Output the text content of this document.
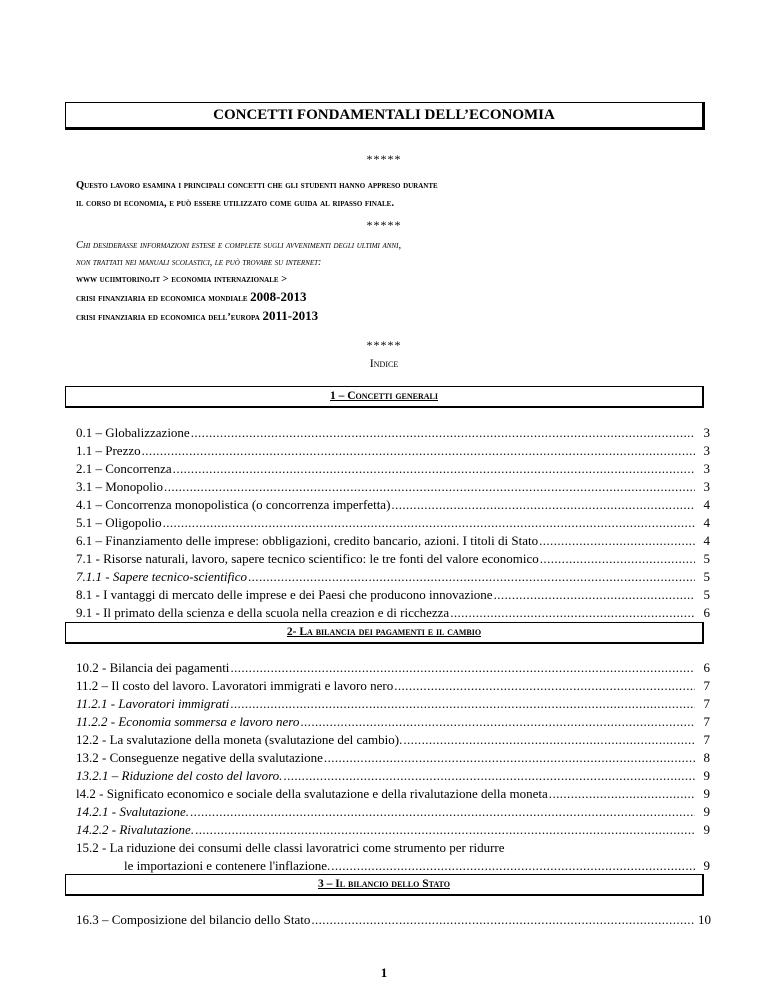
CONCETTI FONDAMENTALI DELL’ECONOMIA
*****
Questo lavoro esamina i principali concetti che gli studenti hanno appreso durante
il corso di economia, e può essere utilizzato come guida al ripasso finale.
*****
Chi desiderasse informazioni estese e complete sugli avvenimenti degli ultimi anni,
non trattati nei manuali scolastici, le può trovare su internet:
www uciimtorino.it > economia internazionale >
crisi finanziaria ed economica mondiale 2008-2013
crisi finanziaria ed economica dell’europa 2011-2013
*****
Indice
1 – Concetti generali
0.1 – Globalizzazione .....	3
1.1 – Prezzo .....	3
2.1 – Concorrenza .....	3
3.1 – Monopolio .....	3
4.1 – Concorrenza monopolistica (o concorrenza imperfetta) .....	4
5.1 – Oligopolio .....	4
6.1 – Finanziamento delle imprese: obbligazioni, credito bancario, azioni. I titoli di Stato .....	4
7.1 - Risorse naturali, lavoro, sapere tecnico scientifico: le tre fonti del valore economico .....	5
7.1.1 - Sapere tecnico-scientifico .....	5
8.1 - I vantaggi di mercato delle imprese e dei Paesi che producono innovazione .....	5
9.1 - Il primato della scienza e della scuola nella creazion e di ricchezza .....	6
2- La bilancia dei pagamenti e il cambio
10.2 - Bilancia dei pagamenti .....	6
11.2 – Il costo del lavoro. Lavoratori immigrati e lavoro nero .....	7
11.2.1 - Lavoratori immigrati .....	7
11.2.2 - Economia sommersa e lavoro nero .....	7
12.2 - La svalutazione della moneta (svalutazione del cambio). .....	7
13.2 - Conseguenze negative della svalutazione .....	8
13.2.1 – Riduzione del costo del lavoro. .....	9
l4.2 - Significato economico e sociale della svalutazione e della rivalutazione della moneta .....	9
14.2.1 - Svalutazione. .....	9
14.2.2 - Rivalutazione. .....	9
15.2 - La riduzione dei consumi delle classi lavoratrici come strumento per ridurre
le importazioni e contenere l'inflazione. .....	9
3 – Il bilancio dello Stato
16.3 – Composizione del bilancio dello Stato .....	10
1
